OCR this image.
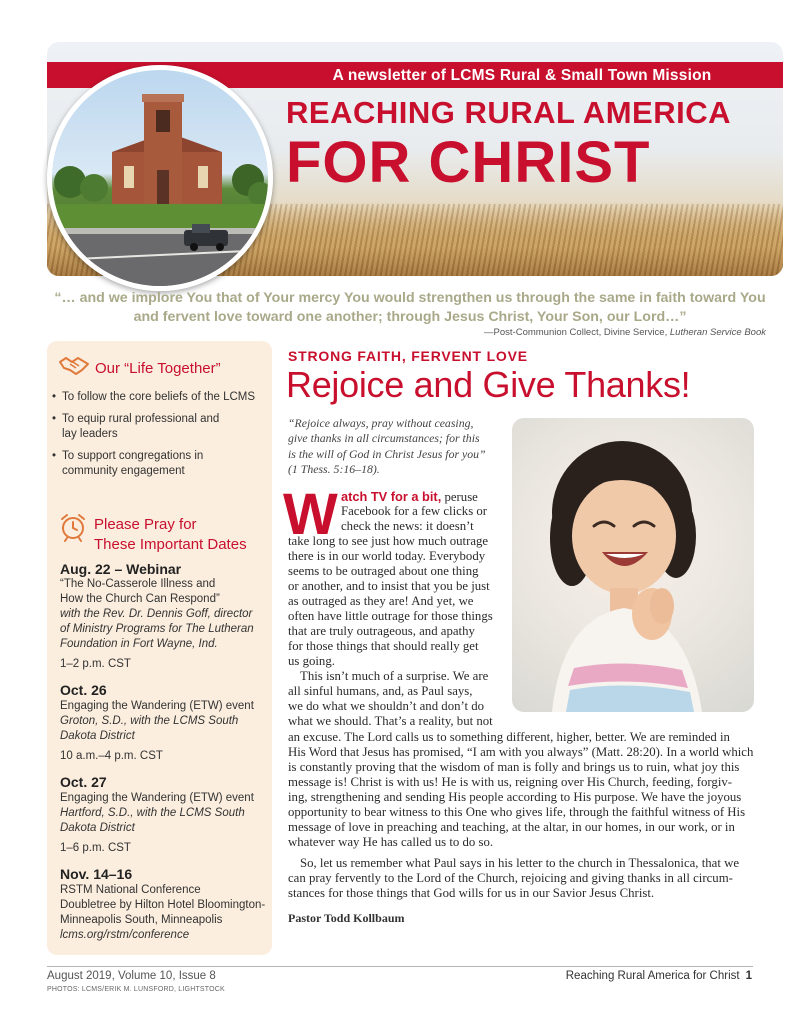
A newsletter of LCMS Rural & Small Town Mission
REACHING RURAL AMERICA
FOR CHRIST
“… and we implore You that of Your mercy You would strengthen us through the same in faith toward You and fervent love toward one another; through Jesus Christ, Your Son, our Lord…”
—Post-Communion Collect, Divine Service, Lutheran Service Book
Our “Life Together”
• To follow the core beliefs of the LCMS
• To equip rural professional and
lay leaders
• To support congregations in
community engagement
Please Pray for
These Important Dates
Aug. 22 – Webinar
“The No-Casserole Illness and
How the Church Can Respond”
with the Rev. Dr. Dennis Goff, director
of Ministry Programs for The Lutheran
Foundation in Fort Wayne, Ind.
1–2 p.m. CST
Oct. 26
Engaging the Wandering (ETW) event
Groton, S.D., with the LCMS South
Dakota District
10 a.m.–4 p.m. CST
Oct. 27
Engaging the Wandering (ETW) event
Hartford, S.D., with the LCMS South
Dakota District
1–6 p.m. CST
Nov. 14–16
RSTM National Conference
Doubletree by Hilton Hotel Bloomington-
Minneapolis South, Minneapolis
lcms.org/rstm/conference
STRONG FAITH, FERVENT LOVE
Rejoice and Give Thanks!
“Rejoice always, pray without ceasing,
give thanks in all circumstances; for this
is the will of God in Christ Jesus for you”
(1 Thess. 5:16–18).
W atch TV for a bit, peruse
Facebook for a few clicks or
check the news: it doesn’t
take long to see just how much outrage
there is in our world today. Everybody
seems to be outraged about one thing
or another, and to insist that you be just
as outraged as they are! And yet, we
often have little outrage for those things
that are truly outrageous, and apathy
for those things that should really get
us going.
This isn’t much of a surprise. We are
all sinful humans, and, as Paul says,
we do what we shouldn’t and don’t do
what we should. That’s a reality, but not
an excuse. The Lord calls us to something different, higher, better. We are reminded in
His Word that Jesus has promised, “I am with you always” (Matt. 28:20). In a world which
is constantly proving that the wisdom of man is folly and brings us to ruin, what joy this
message is! Christ is with us! He is with us, reigning over His Church, feeding, forgiv-
ing, strengthening and sending His people according to His purpose. We have the joyous
opportunity to bear witness to this One who gives life, through the faithful witness of His
message of love in preaching and teaching, at the altar, in our homes, in our work, or in
whatever way He has called us to do so.
So, let us remember what Paul says in his letter to the church in Thessalonica, that we
can pray fervently to the Lord of the Church, rejoicing and giving thanks in all circum-
stances for those things that God wills for us in our Savior Jesus Christ.
Pastor Todd Kollbaum
August 2019, Volume 10, Issue 8	Reaching Rural America for Christ 1
PHOTOS: LCMS/ERIK M. LUNSFORD, LIGHTSTOCK
